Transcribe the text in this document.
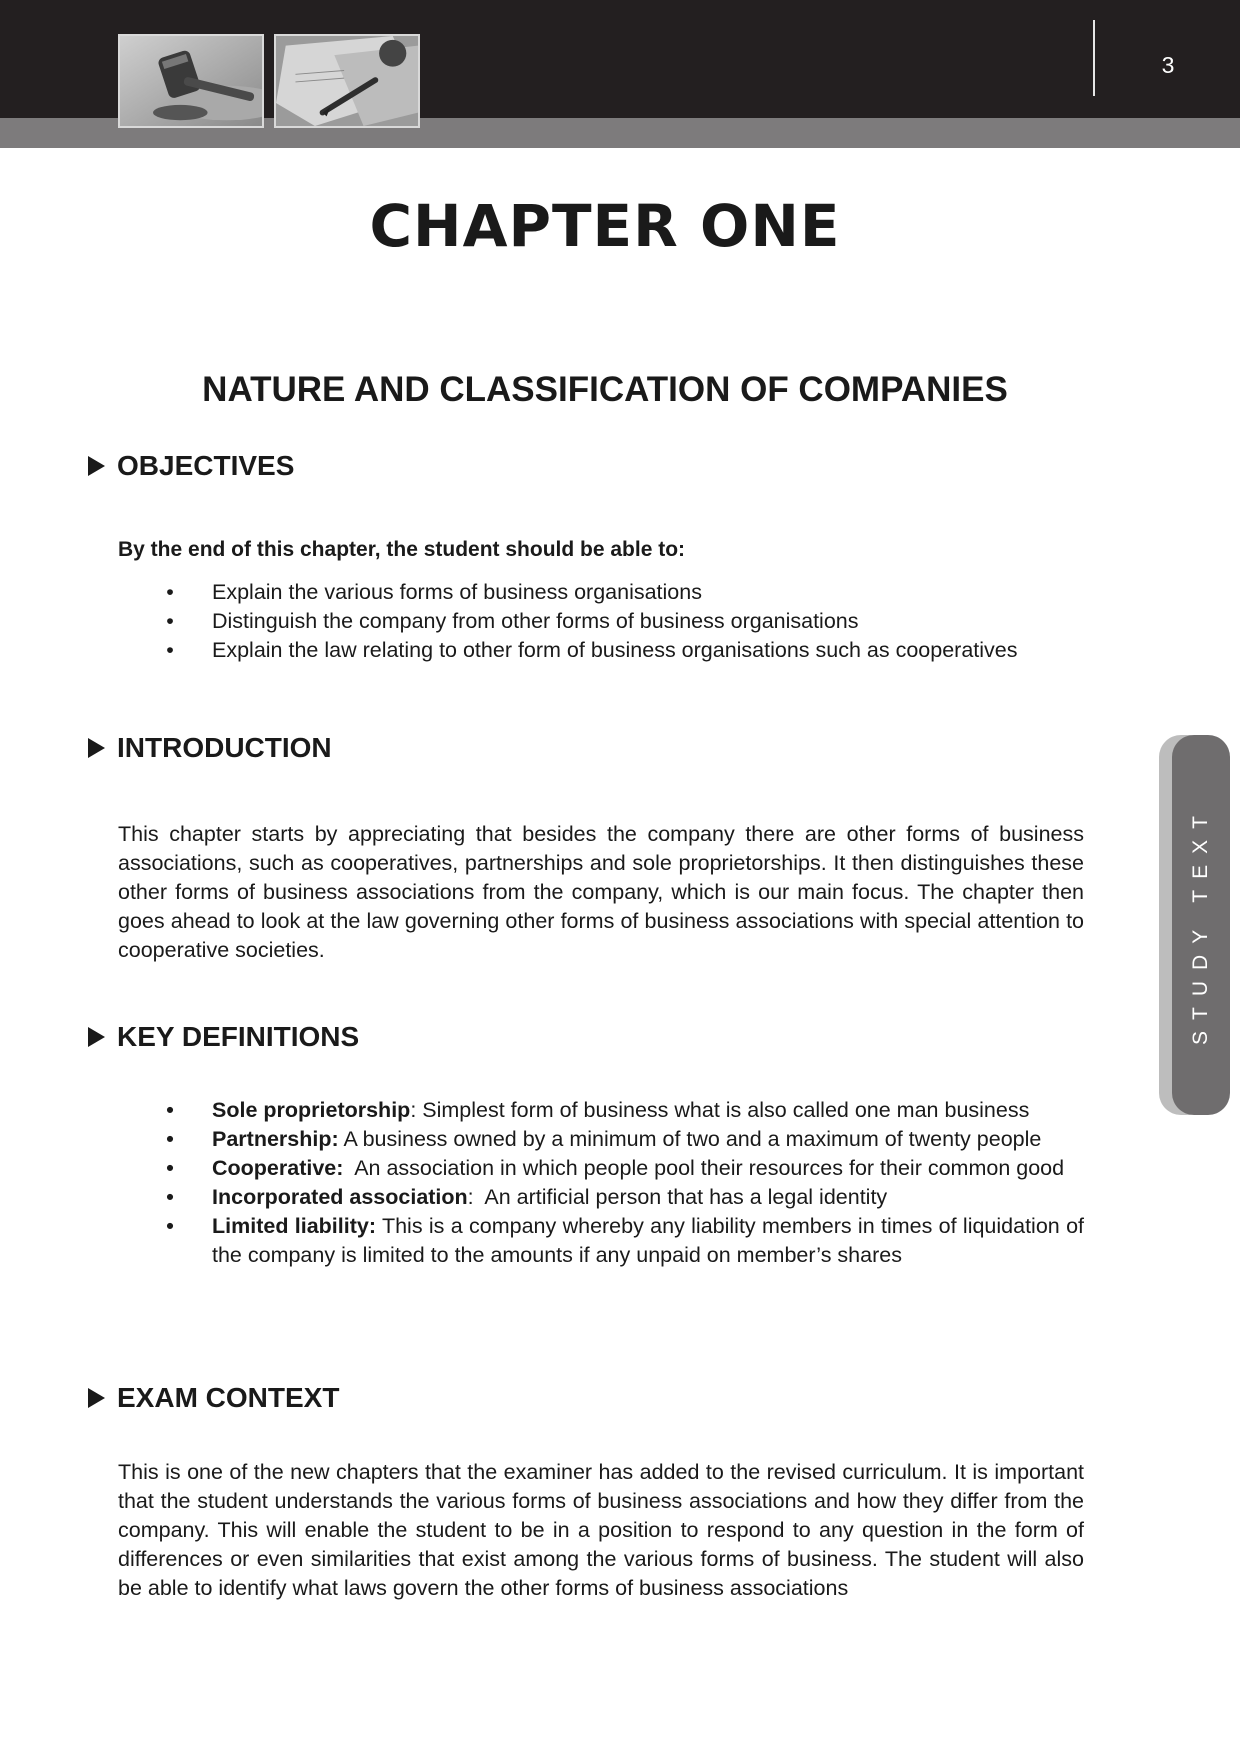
3
CHAPTER ONE
NATURE AND CLASSIFICATION OF COMPANIES
OBJECTIVES
By the end of this chapter, the student should be able to:
• Explain the various forms of business organisations
• Distinguish the company from other forms of business organisations
• Explain the law relating to other form of business organisations such as cooperatives
INTRODUCTION

This chapter starts by appreciating that besides the company there are other forms of business associations, such as cooperatives, partnerships and sole proprietorships. It then distinguishes these other forms of business associations from the company, which is our main focus. The chapter then goes ahead to look at the law governing other forms of business associations with special attention to cooperative societies.

KEY DEFINITIONS
• Sole proprietorship: Simplest form of business what is also called one man business
• Partnership: A business owned by a minimum of two and a maximum of twenty people
• Cooperative: An association in which people pool their resources for their common good
• Incorporated association:  An artificial person that has a legal identity
• Limited liability: This is a company whereby any liability members in times of liquidation of the company is limited to the amounts if any unpaid on member’s shares
EXAM CONTEXT

This is one of the new chapters that the examiner has added to the revised curriculum. It is important that the student understands the various forms of business associations and how they differ from the company. This will enable the student to be in a position to respond to any question in the form of differences or even similarities that exist among the various forms of business. The student will also be able to identify what laws govern the other forms of business associations

STUDY TEXT
